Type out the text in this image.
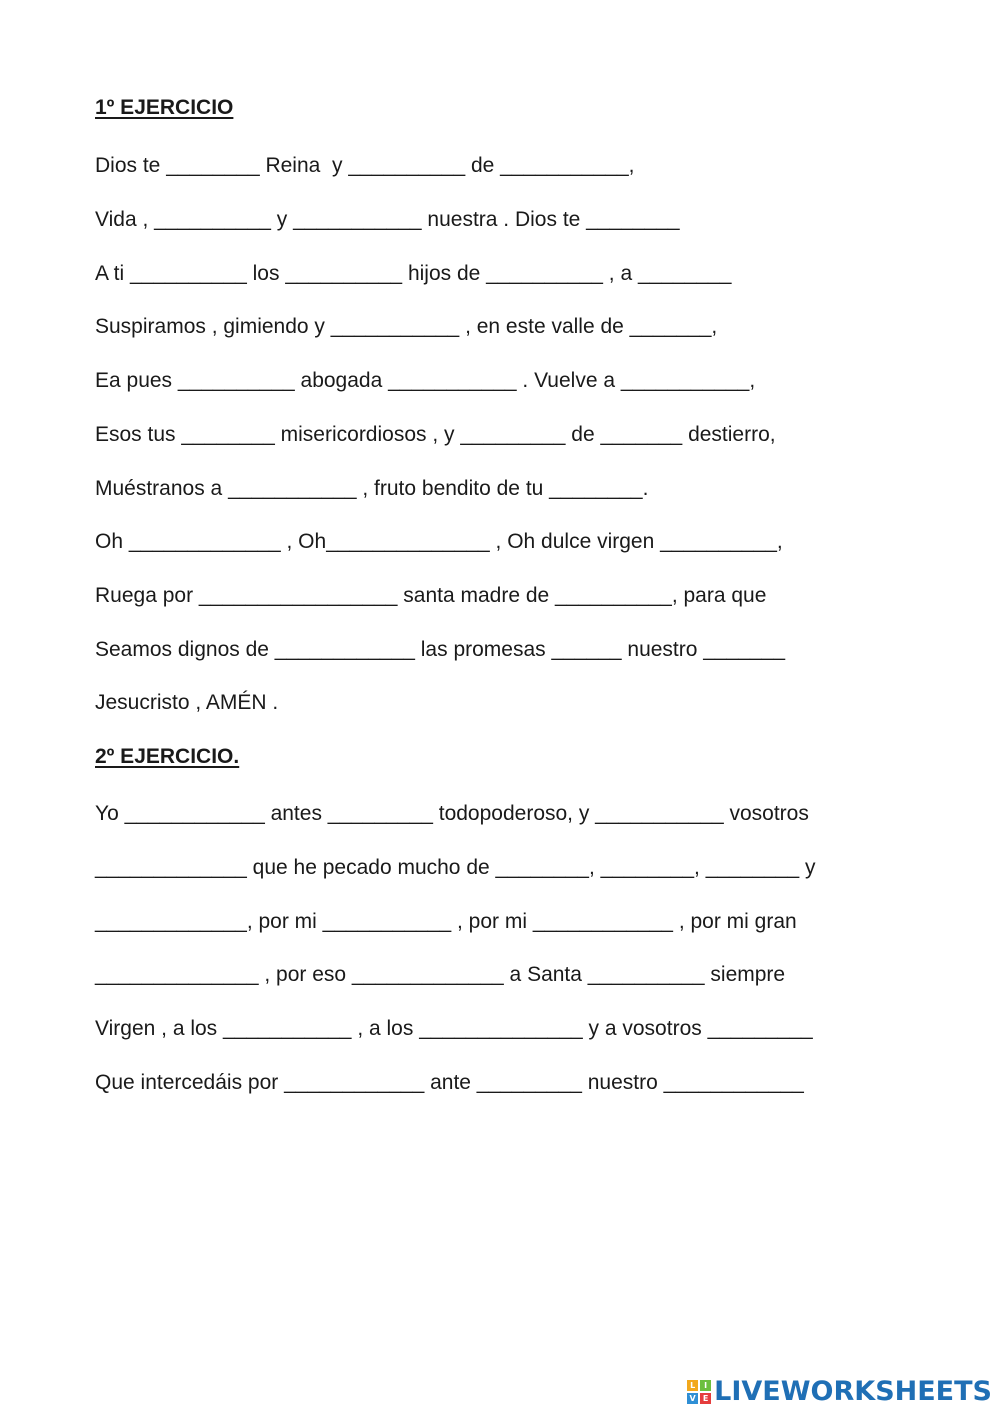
1º EJERCICIO

Dios te ________ Reina  y __________ de ___________,

Vida , __________ y ___________ nuestra . Dios te ________

A ti __________ los __________ hijos de __________ , a ________

Suspiramos , gimiendo y ___________ , en este valle de _______,

Ea pues __________ abogada ___________ . Vuelve a ___________,

Esos tus ________ misericordiosos , y _________ de _______ destierro,

Muéstranos a ___________ , fruto bendito de tu ________.

Oh _____________ , Oh______________ , Oh dulce virgen __________,

Ruega por _________________ santa madre de __________, para que

Seamos dignos de ____________ las promesas ______ nuestro _______

Jesucristo , AMÉN .

2º EJERCICIO.

Yo ____________ antes _________ todopoderoso, y ___________ vosotros

_____________ que he pecado mucho de ________, ________, ________ y

_____________, por mi ___________ , por mi ____________ , por mi gran

______________ , por eso _____________ a Santa __________ siempre

Virgen , a los ___________ , a los ______________ y a vosotros _________

Que intercedáis por ____________ ante _________ nuestro ____________

L	I
V E LIVEWORKSHEETS
